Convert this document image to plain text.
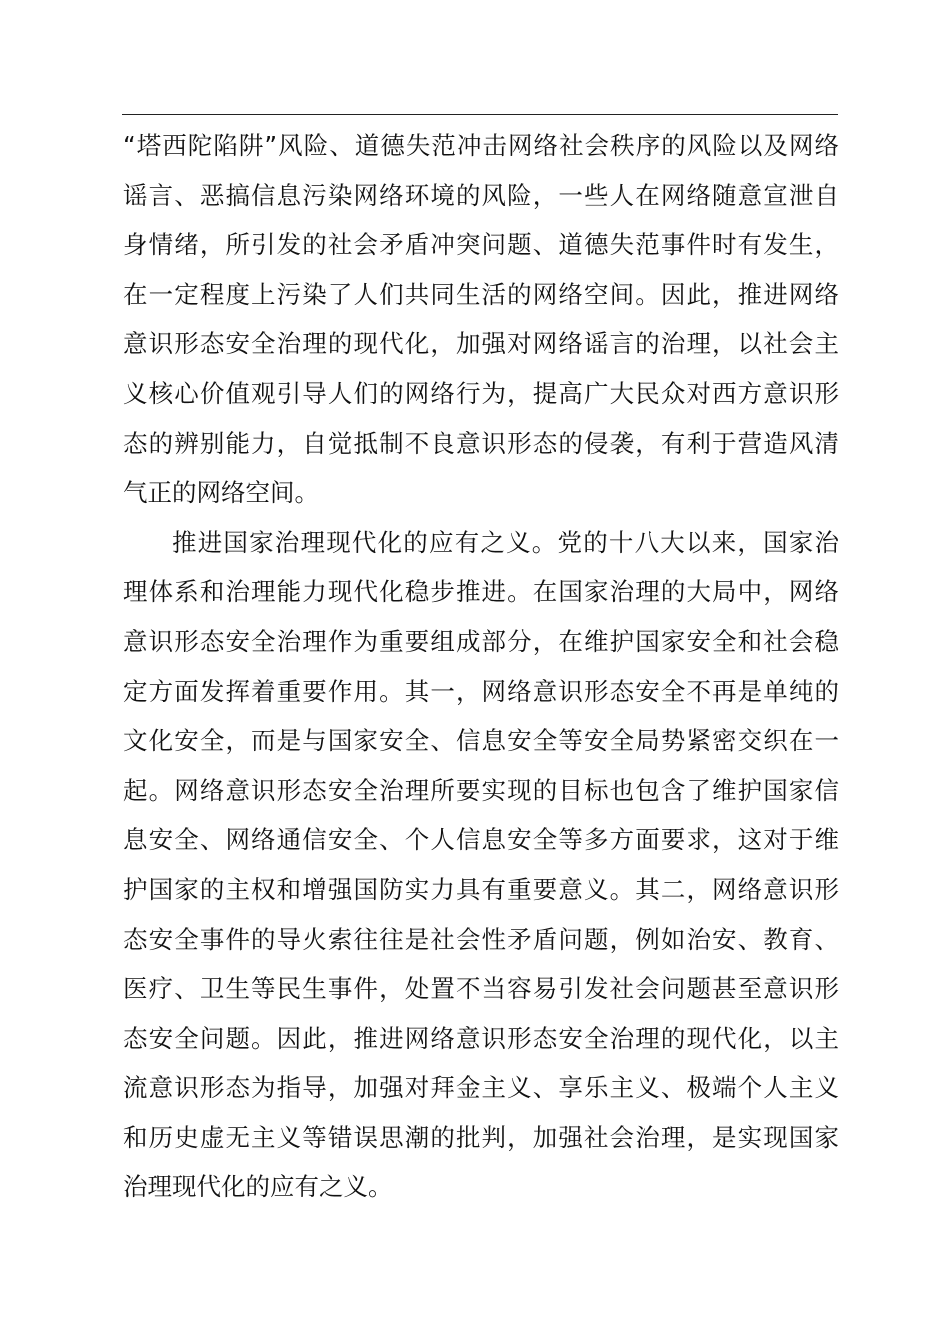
“塔西陀陷阱”风险、道德失范冲击网络社会秩序的风险以及网络
谣言、恶搞信息污染网络环境的风险，一些人在网络随意宣泄自
身情绪，所引发的社会矛盾冲突问题、道德失范事件时有发生，
在一定程度上污染了人们共同生活的网络空间。因此，推进网络
意识形态安全治理的现代化，加强对网络谣言的治理，以社会主
义核心价值观引导人们的网络行为，提高广大民众对西方意识形
态的辨别能力，自觉抵制不良意识形态的侵袭，有利于营造风清
气正的网络空间。
推进国家治理现代化的应有之义。党的十八大以来，国家治
理体系和治理能力现代化稳步推进。在国家治理的大局中，网络
意识形态安全治理作为重要组成部分，在维护国家安全和社会稳
定方面发挥着重要作用。其一，网络意识形态安全不再是单纯的
文化安全，而是与国家安全、信息安全等安全局势紧密交织在一
起。网络意识形态安全治理所要实现的目标也包含了维护国家信
息安全、网络通信安全、个人信息安全等多方面要求，这对于维
护国家的主权和增强国防实力具有重要意义。其二，网络意识形
态安全事件的导火索往往是社会性矛盾问题，例如治安、教育、
医疗、卫生等民生事件，处置不当容易引发社会问题甚至意识形
态安全问题。因此，推进网络意识形态安全治理的现代化，以主
流意识形态为指导，加强对拜金主义、享乐主义、极端个人主义
和历史虚无主义等错误思潮的批判，加强社会治理，是实现国家
治理现代化的应有之义。
